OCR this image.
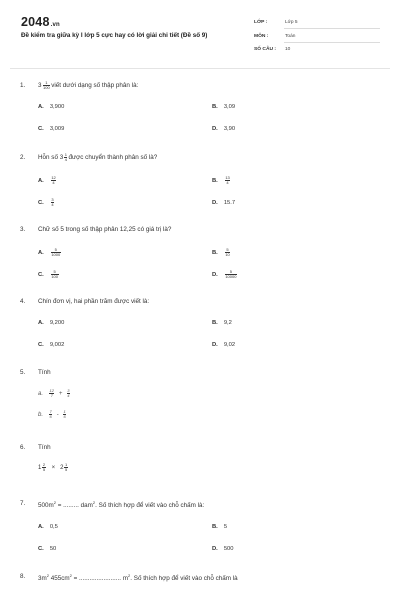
2048.vn
Đề kiểm tra giữa kỳ I lớp 5 cực hay có lời giải chi tiết (Đề số 9)
LỚP :	Lớp 5
MÔN :	Toán
SỐ CÂU : 10
1. $3 \frac{1}{100}$ viết dưới dạng số thập phân là:
A. 3,900	B. 3,09
C. 3,009	D. 3,90
2. Hỗn số $3 \frac{1}{4}$ được chuyển thành phân số là?
A. $\frac{12}{4}$	B. $\frac{13}{4}$
C. $\frac{3}{4}$	D. 15.7
3. Chữ số 5 trong số thập phân 12,25 có giá trị là?
A. $\frac{5}{1000}$	B. $\frac{5}{10}$
C. $\frac{5}{100}$	D. $\frac{5}{10000}$
4. Chín đơn vị, hai phần trăm được viết là:
A. 9,200	B. 9,2
C. 9,002	D. 9,02
5. Tính
a. $\frac{12}{7} + \frac{3}{4}$
b. $\frac{7}{6} - \frac{1}{6}$
6. Tính
$1 \frac{2}{5} \times 2 \frac{1}{5}$
7. $500m^2$ = ......... dam$^2$. Số thích hợp để viết vào chỗ chấm là:
A. 0,5	B. 5
C. 50	D. 500
8. $3m^2$ $455cm^2$ = ........................ $m^2$. Số thích hợp để viết vào chỗ chấm là
